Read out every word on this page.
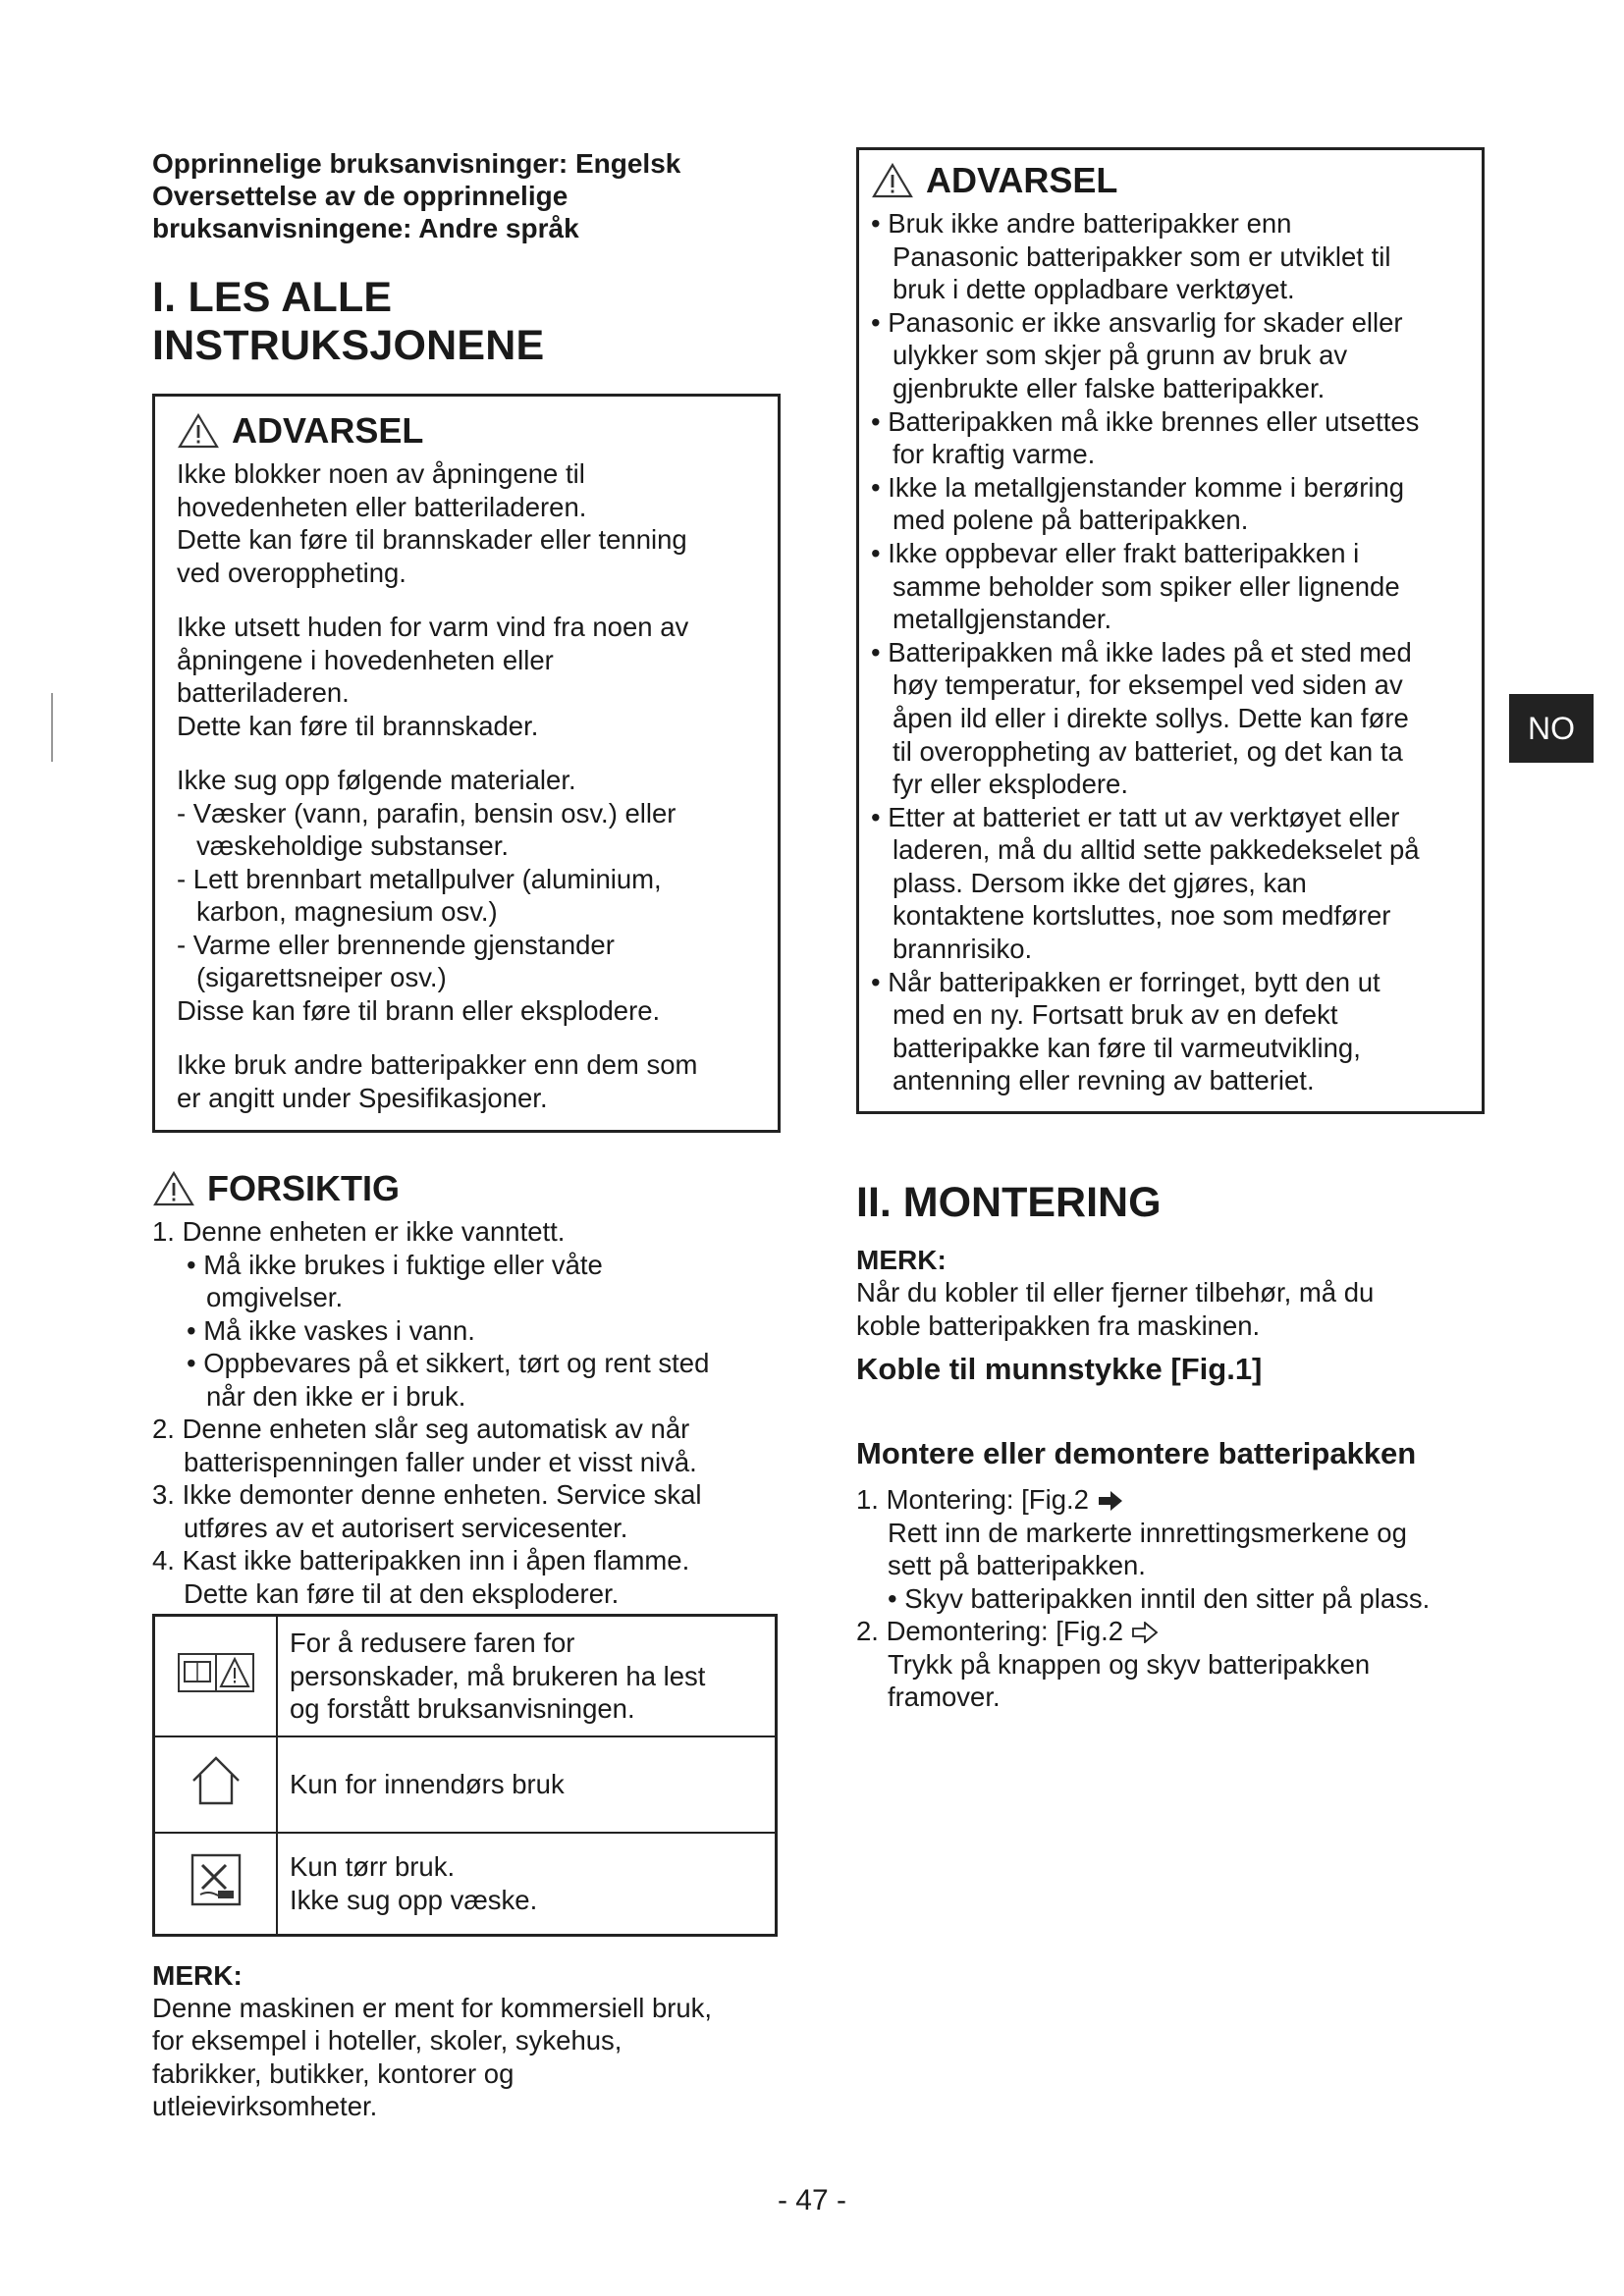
NO
Opprinnelige bruksanvisninger: Engelsk
Oversettelse av de opprinnelige
bruksanvisningene: Andre språk
I. LES ALLE INSTRUKSJONENE
ADVARSEL
Ikke blokker noen av åpningene til
hovedenheten eller batteriladeren.
Dette kan føre til brannskader eller tenning
ved overoppheting.
Ikke utsett huden for varm vind fra noen av
åpningene i hovedenheten eller
batteriladeren.
Dette kan føre til brannskader.
Ikke sug opp følgende materialer.
- Væsker (vann, parafin, bensin osv.) eller
væskeholdige substanser.
- Lett brennbart metallpulver (aluminium,
karbon, magnesium osv.)
- Varme eller brennende gjenstander
(sigarettsneiper osv.)
Disse kan føre til brann eller eksplodere.
Ikke bruk andre batteripakker enn dem som
er angitt under Spesifikasjoner.
FORSIKTIG
1. Denne enheten er ikke vanntett.
• Må ikke brukes i fuktige eller våte
omgivelser.
• Må ikke vaskes i vann.
• Oppbevares på et sikkert, tørt og rent sted
når den ikke er i bruk.
2. Denne enheten slår seg automatisk av når
batterispenningen faller under et visst nivå.
3. Ikke demonter denne enheten. Service skal
utføres av et autorisert servicesenter.
4. Kast ikke batteripakken inn i åpen flamme.
Dette kan føre til at den eksploderer.

For å redusere faren for
personskader, må brukeren ha lest
og forstått bruksanvisningen.

Kun for innendørs bruk

Kun tørr bruk.
Ikke sug opp væske.
MERK:
Denne maskinen er ment for kommersiell bruk,
for eksempel i hoteller, skoler, sykehus,
fabrikker, butikker, kontorer og
utleievirksomheter.
ADVARSEL
• Bruk ikke andre batteripakker enn
Panasonic batteripakker som er utviklet til
bruk i dette oppladbare verktøyet.
• Panasonic er ikke ansvarlig for skader eller
ulykker som skjer på grunn av bruk av
gjenbrukte eller falske batteripakker.
• Batteripakken må ikke brennes eller utsettes
for kraftig varme.
• Ikke la metallgjenstander komme i berøring
med polene på batteripakken.
• Ikke oppbevar eller frakt batteripakken i
samme beholder som spiker eller lignende
metallgjenstander.
• Batteripakken må ikke lades på et sted med
høy temperatur, for eksempel ved siden av
åpen ild eller i direkte sollys. Dette kan føre
til overoppheting av batteriet, og det kan ta
fyr eller eksplodere.
• Etter at batteriet er tatt ut av verktøyet eller
laderen, må du alltid sette pakkedekselet på
plass. Dersom ikke det gjøres, kan
kontaktene kortsluttes, noe som medfører
brannrisiko.
• Når batteripakken er forringet, bytt den ut
med en ny. Fortsatt bruk av en defekt
batteripakke kan føre til varmeutvikling,
antenning eller revning av batteriet.
II. MONTERING
MERK:
Når du kobler til eller fjerner tilbehør, må du
koble batteripakken fra maskinen.
Koble til munnstykke [Fig.1]
Montere eller demontere batteripakken
1. Montering: [Fig.2
Rett inn de markerte innrettingsmerkene og
sett på batteripakken.
• Skyv batteripakken inntil den sitter på plass.
2. Demontering: [Fig.2
Trykk på knappen og skyv batteripakken
framover.
- 47 -
